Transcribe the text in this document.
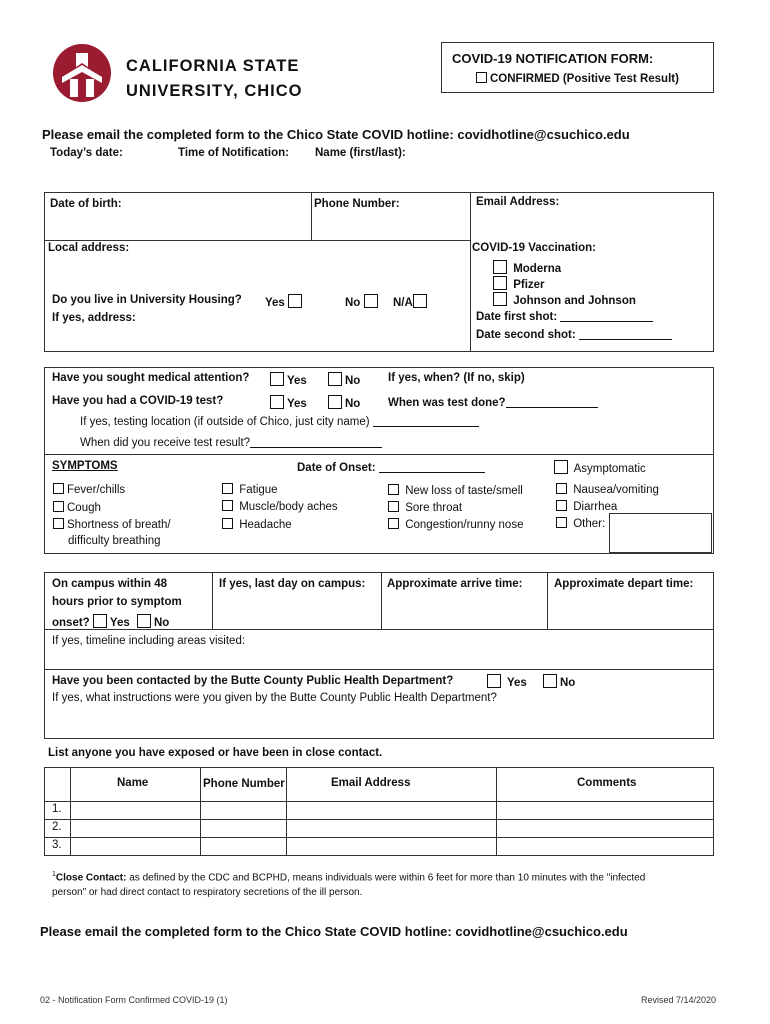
CALIFORNIA STATE
UNIVERSITY, CHICO
COVID-19 NOTIFICATION FORM:
CONFIRMED (Positive Test Result)
Please email the completed form to the Chico State COVID hotline: covidhotline@csuchico.edu
Today’s date:	Time of Notification: Name (first/last):
Date of birth:	Phone Number:	Email Address:
Local address:
Do you live in University Housing? Yes	No	N/A
If yes, address:
COVID-19 Vaccination:
Moderna
Pfizer
Johnson and Johnson
Date first shot:
Date second shot:
Have you sought medical attention?	Yes	No If yes, when? (If no, skip)
Have you had a COVID-19 test?	Yes	No When was test done?
If yes, testing location (if outside of Chico, just city name)
When did you receive test result?
SYMPTOMS	Date of Onset:	Asymptomatic
Fever/chills
Cough
Shortness of breath/
difficulty breathing
Fatigue
Muscle/body aches
Headache
New loss of taste/smell
Sore throat
Congestion/runny nose
Nausea/vomiting
Diarrhea
Other:
On campus within 48
hours prior to symptom
onset? Yes No
If yes, last day on campus: Approximate arrive time:	Approximate depart time:
If yes, timeline including areas visited:
Have you been contacted by the Butte County Public Health Department?	Yes	No
If yes, what instructions were you given by the Butte County Public Health Department?
List anyone you have exposed or have been in close contact.
Name	Phone Number	Email Address	Comments
1.
2.
3.
$^1$Close Contact: as defined by the CDC and BCPHD, means individuals were within 6 feet for more than 10 minutes with the "infected
person" or had direct contact to respiratory secretions of the ill person.
Please email the completed form to the Chico State COVID hotline: covidhotline@csuchico.edu
02 - Notification Form Confirmed COVID-19 (1)	Revised 7/14/2020
